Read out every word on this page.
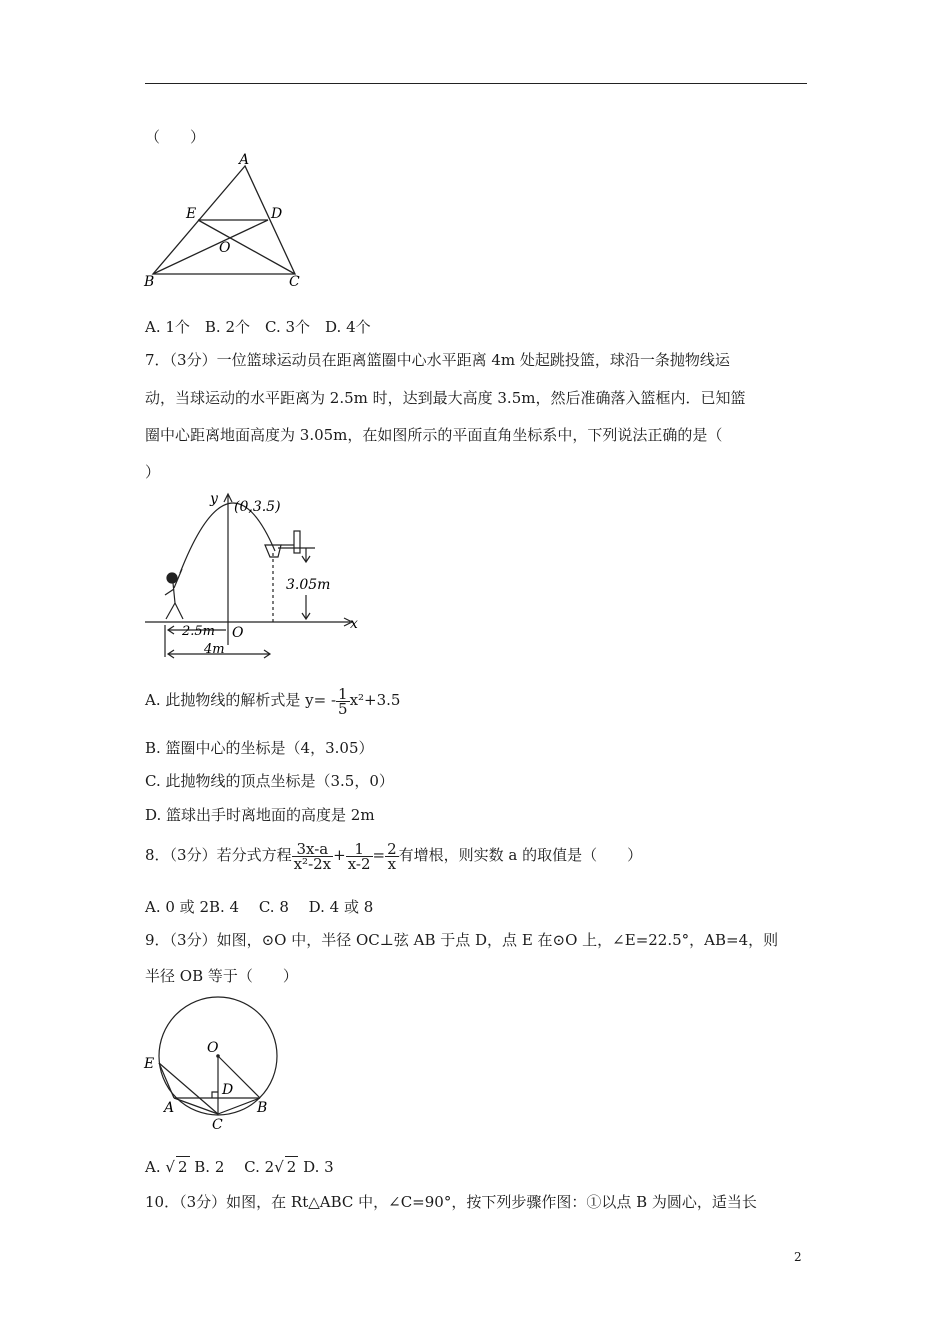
（　　）
A
B	C
D
E
O
A. 1个　B. 2个　C. 3个　D. 4个
7．（3分）一位篮球运动员在距离篮圈中心水平距离 4m 处起跳投篮，球沿一条抛物线运
动，当球运动的水平距离为 2.5m 时，达到最大高度 3.5m，然后准确落入篮框内．已知篮
圈中心距离地面高度为 3.05m，在如图所示的平面直角坐标系中，下列说法正确的是（
）
y (0,3.5)
3.05m
x
2.5m O
4m
A. 此抛物线的解析式是 $y= - \frac{1}{5} x^2+3.5$
B. 篮圈中心的坐标是（4，3.05）
C. 此抛物线的顶点坐标是（3.5，0）
D. 篮球出手时离地面的高度是 2m
8．（3分）若分式方程 $\frac{3x-a}{\text{x²-2x}} + \frac{1}{x-2} = \frac{2}{x}$ 有增根，则实数 a 的取值是（　　）
A. 0 或 2B. 4　 C. 8　 D. 4 或 8
9．（3分）如图，⊙O 中，半径 OC⊥弦 AB 于点 D，点 E 在⊙O 上，∠E=22.5°，AB=4，则
半径 OB 等于（　　）
E
O
D
A	B
C
A. √ 2 B. 2　 C. 2√ 2 D. 3
10．（3分）如图，在 Rt△ABC 中，∠C=90°，按下列步骤作图：①以点 B 为圆心，适当长
2
